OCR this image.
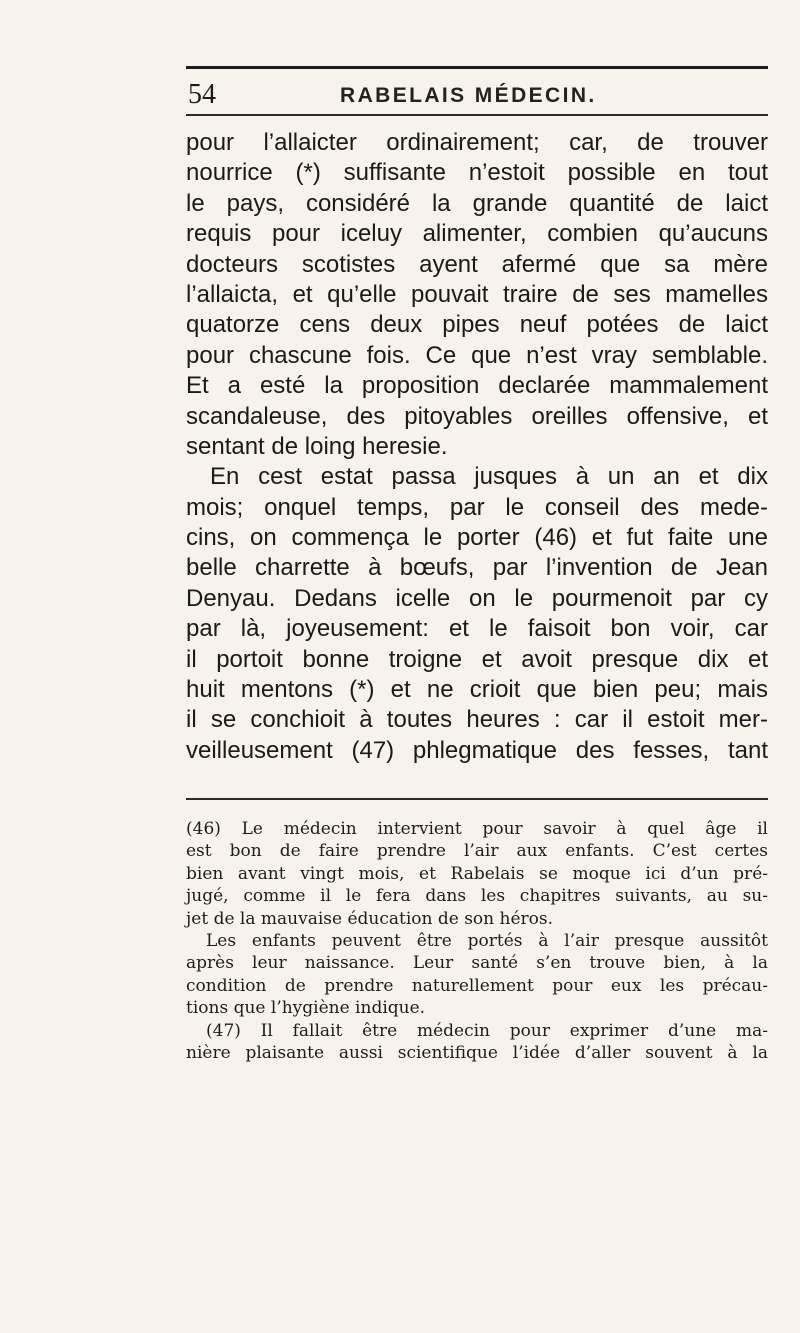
54	RABELAIS MÉDECIN.
pour l’allaicter ordinairement; car, de trouver
nourrice (*) suffisante n’estoit possible en tout
le pays, considéré la grande quantité de laict
requis pour iceluy alimenter, combien qu’aucuns
docteurs scotistes ayent afermé que sa mère
l’allaicta, et qu’elle pouvait traire de ses mamelles
quatorze cens deux pipes neuf potées de laict
pour chascune fois. Ce que n’est vray semblable.
Et a esté la proposition declarée mammalement
scandaleuse, des pitoyables oreilles offensive, et
sentant de loing heresie.
En cest estat passa jusques à un an et dix
mois; onquel temps, par le conseil des mede-
cins, on commença le porter (46) et fut faite une
belle charrette à bœufs, par l’invention de Jean
Denyau. Dedans icelle on le pourmenoit par cy
par là, joyeusement: et le faisoit bon voir, car
il portoit bonne troigne et avoit presque dix et
huit mentons (*) et ne crioit que bien peu; mais
il se conchioit à toutes heures : car il estoit mer-
veilleusement (47) phlegmatique des fesses, tant
(46) Le médecin intervient pour savoir à quel âge il
est bon de faire prendre l’air aux enfants. C’est certes
bien avant vingt mois, et Rabelais se moque ici d’un pré-
jugé, comme il le fera dans les chapitres suivants, au su-
jet de la mauvaise éducation de son héros.
Les enfants peuvent être portés à l’air presque aussitôt
après leur naissance. Leur santé s’en trouve bien, à la
condition de prendre naturellement pour eux les précau-
tions que l’hygiène indique.
(47) Il fallait être médecin pour exprimer d’une ma-
nière plaisante aussi scientifique l’idée d’aller souvent à la
